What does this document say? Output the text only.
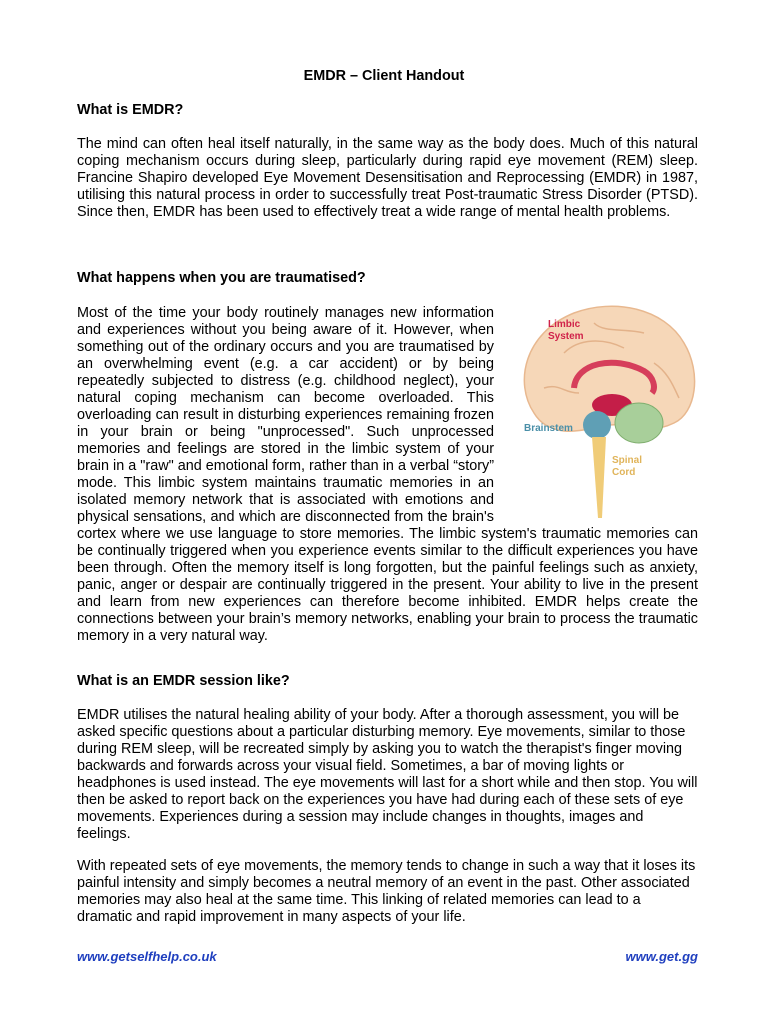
EMDR – Client Handout

What is EMDR?

The mind can often heal itself naturally, in the same way as the body does. Much of this natural coping mechanism occurs during sleep, particularly during rapid eye movement (REM) sleep. Francine Shapiro developed Eye Movement Desensitisation and Reprocessing (EMDR) in 1987, utilising this natural process in order to successfully treat Post-traumatic Stress Disorder (PTSD). Since then, EMDR has been used to effectively treat a wide range of mental health problems.

What happens when you are traumatised?

Limbic
System
Brainstem
Spinal
Cord
Most of the time your body routinely manages new information and experiences without you being aware of it. However, when something out of the ordinary occurs and you are traumatised by an overwhelming event (e.g. a car accident) or by being repeatedly subjected to distress (e.g. childhood neglect), your natural coping mechanism can become overloaded. This overloading can result in disturbing experiences remaining frozen in your brain or being "unprocessed". Such unprocessed memories and feelings are stored in the limbic system of your brain in a "raw" and emotional form, rather than in a verbal “story” mode. This limbic system maintains traumatic memories in an isolated memory network that is associated with emotions and physical sensations, and which are disconnected from the brain's cortex where we use language to store memories. The limbic system's traumatic memories can be continually triggered when you experience events similar to the difficult experiences you have been through. Often the memory itself is long forgotten, but the painful feelings such as anxiety, panic, anger or despair are continually triggered in the present. Your ability to live in the present and learn from new experiences can therefore become inhibited. EMDR helps create the connections between your brain’s memory networks, enabling your brain to process the traumatic memory in a very natural way.

What is an EMDR session like?

EMDR utilises the natural healing ability of your body. After a thorough assessment, you will be asked specific questions about a particular disturbing memory. Eye movements, similar to those during REM sleep, will be recreated simply by asking you to watch the therapist's finger moving backwards and forwards across your visual field. Sometimes, a bar of moving lights or headphones is used instead. The eye movements will last for a short while and then stop. You will then be asked to report back on the experiences you have had during each of these sets of eye movements. Experiences during a session may include changes in thoughts, images and feelings.

With repeated sets of eye movements, the memory tends to change in such a way that it loses its painful intensity and simply becomes a neutral memory of an event in the past. Other associated memories may also heal at the same time. This linking of related memories can lead to a dramatic and rapid improvement in many aspects of your life.

www.getselfhelp.co.uk	www.get.gg
